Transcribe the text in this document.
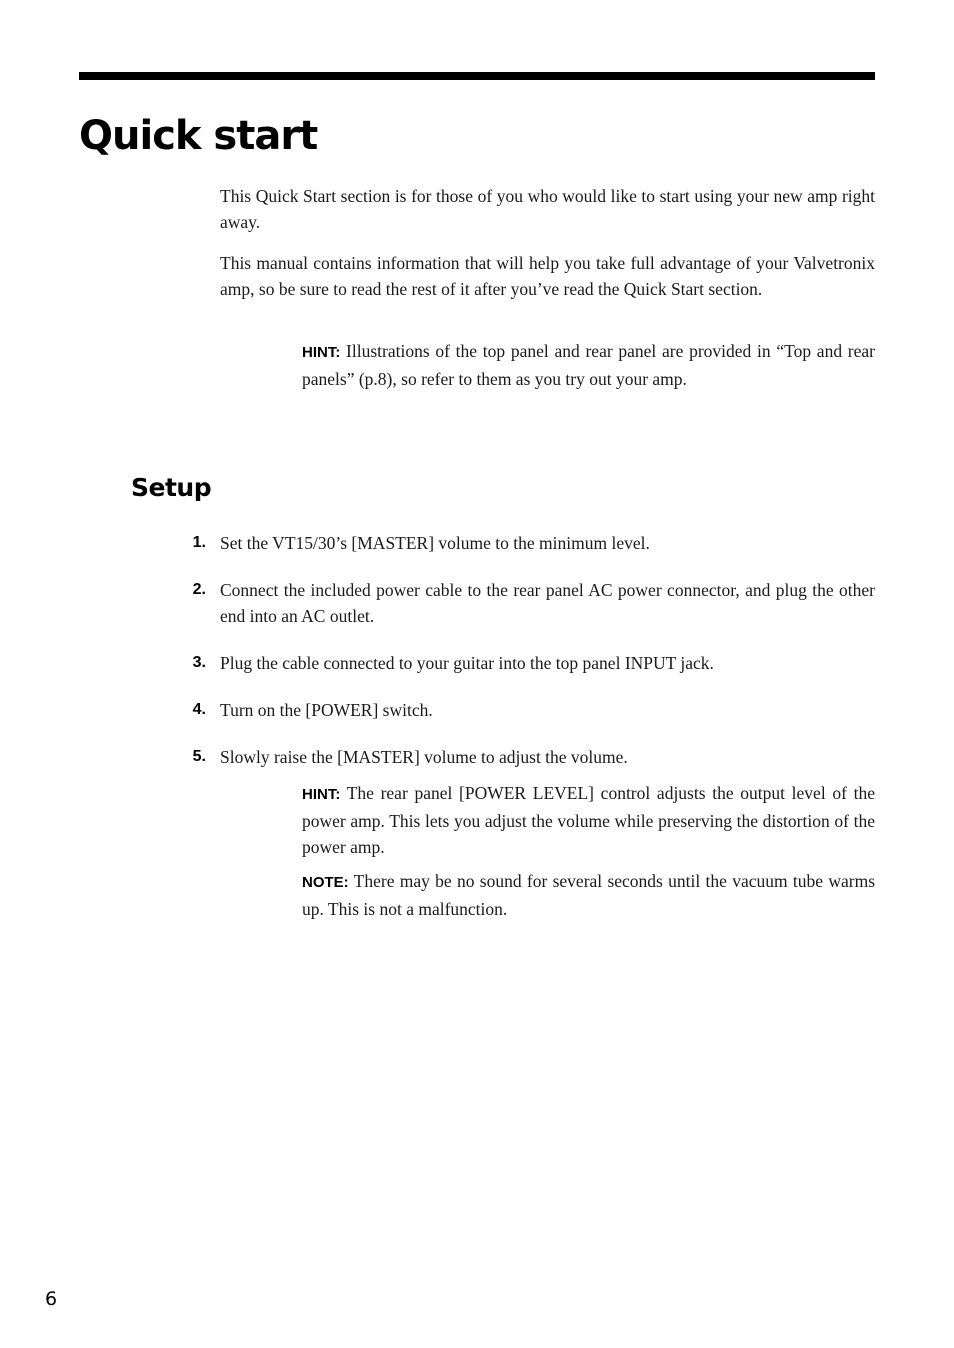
Quick start

This Quick Start section is for those of you who would like to start using your new amp right away.

This manual contains information that will help you take full advantage of your Valvetronix amp, so be sure to read the rest of it after you’ve read the Quick Start section.

HINT: Illustrations of the top panel and rear panel are provided in “Top and rear panels” (p.8), so refer to them as you try out your amp.

Setup
1. Set the VT15/30’s [MASTER] volume to the minimum level.

2. Connect the included power cable to the rear panel AC power connector, and plug the other end into an AC outlet.

3. Plug the cable connected to your guitar into the top panel INPUT jack.

4. Turn on the [POWER] switch.

5. Slowly raise the [MASTER] volume to adjust the volume.

HINT: The rear panel [POWER LEVEL] control adjusts the output level of the power amp. This lets you adjust the volume while preserving the distortion of the power amp.

NOTE: There may be no sound for several seconds until the vacuum tube warms up. This is not a malfunction.

6
